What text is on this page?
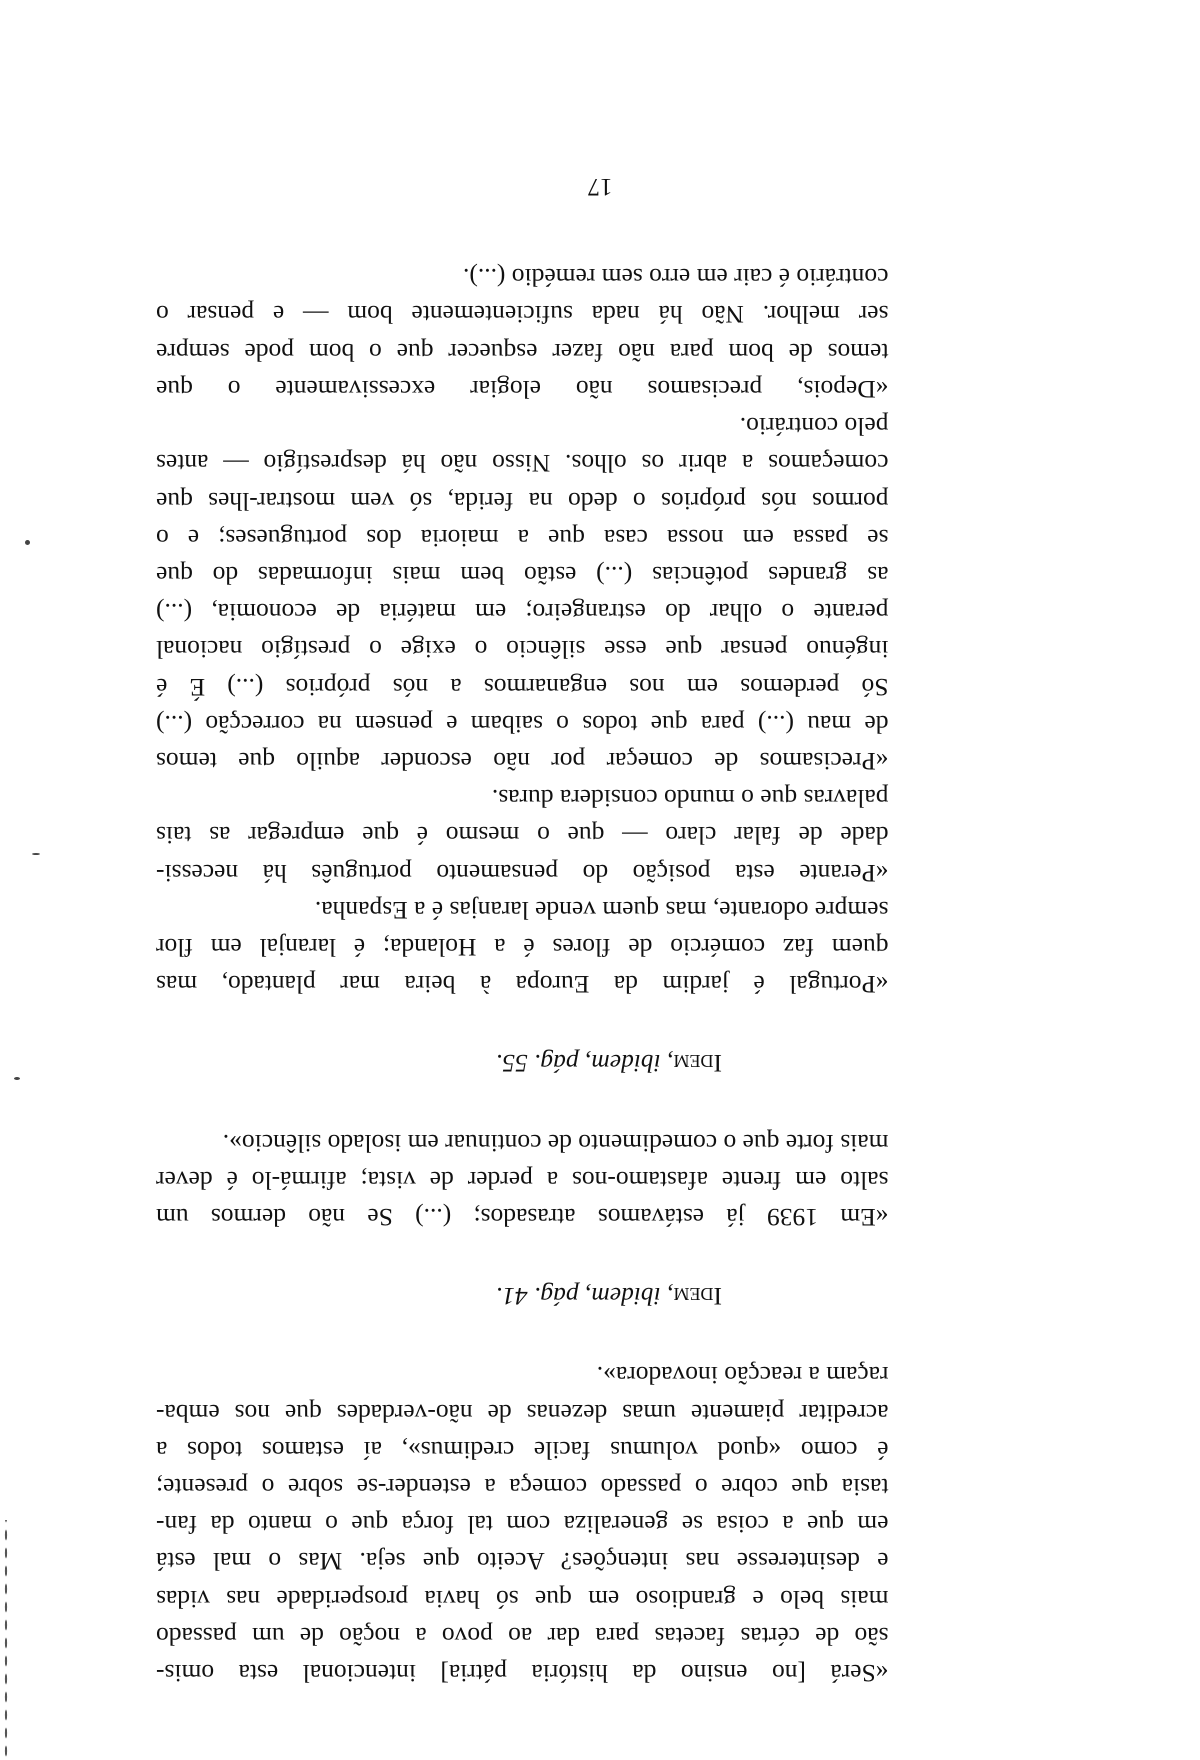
«Será [no ensino da história pátria] intencional esta omis-
são de cértas facetas para dar ao povo a noção de um passado
mais belo e grandioso em que só havia prosperidade nas vidas
e desinteresse nas intenções? Aceito que seja. Mas o mal está
em que a coisa se generaliza com tal força que o manto da fan-
tasia que cobre o passado começa a estender-se sobre o presente;
é como «quod volumus facile credimus», aí estamos todos a
acreditar piamente umas dezenas de não-verdades que nos emba-
raçam a reacção inovadora».

Idem, ibidem, pág. 41.

«Em 1939 já estávamos atrasados; (...) Se não dermos um
salto em frente afastamo-nos a perder de vista; afirmá-lo é dever
mais forte que o comedimento de continuar em isolado silêncio».

Idem, ibidem, pág. 55.

«Portugal é jardim da Europa à beira mar plantado, mas
quem faz comércio de flores é a Holanda; é laranjal em flor
sempre odorante, mas quem vende laranjas é a Espanha.

«Perante esta posição do pensamento português há necessi-
dade de falar claro — que o mesmo é que empregar as tais
palavras que o mundo considera duras.

«Precisamos de começar por não esconder aquilo que temos
de mau (...) para que todos o saibam e pensem na correcção (...)
Só perdemos em nos enganarmos a nós próprios (...) É é
ingénuo pensar que esse silêncio o exige o prestígio nacional
perante o olhar do estrangeiro; em matéria de economia, (...)
as grandes potências (...) estão bem mais informadas do que
se passa em nossa casa que a maioria dos portugueses; e o
pormos nós próprios o dedo na ferida, só vem mostrar-lhes que
começamos a abrir os olhos. Nisso não há desprestígio — antes
pelo contrário.

«Depois, precisamos não elogiar excessivamente o que
temos de bom para não fazer esquecer que o bom pode sempre
ser melhor. Não há nada suficientemente bom — e pensar o
contrário é cair em erro sem remédio (...).

17
